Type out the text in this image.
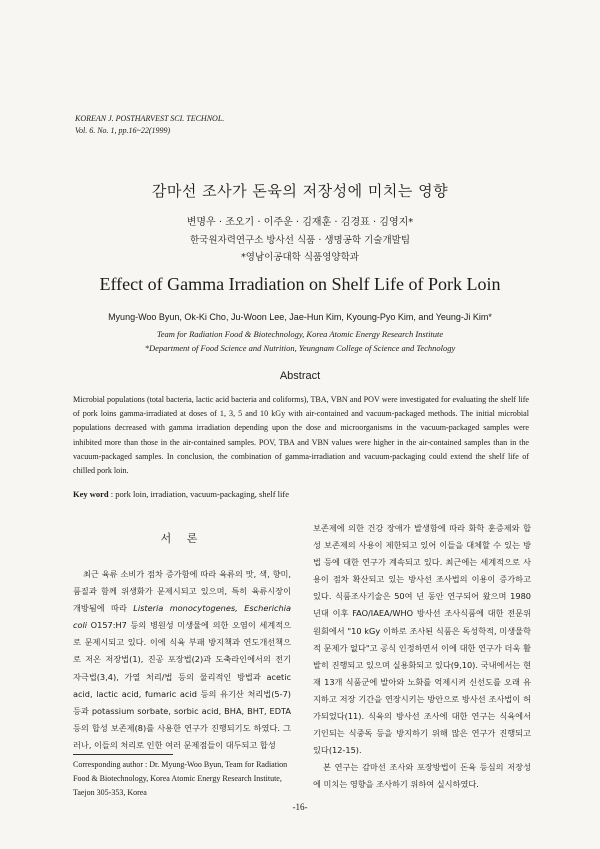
KOREAN J. POSTHARVEST SCI. TECHNOL.
Vol. 6. No. 1, pp.16~22(1999)
감마선 조사가 돈육의 저장성에 미치는 영향
변명우 · 조오기 · 이주운 · 김재훈 · 김경표 · 김영지*
한국원자력연구소 방사선 식품 · 생명공학 기술개발팀
*영남이공대학 식품영양학과
Effect of Gamma Irradiation on Shelf Life of Pork Loin
Myung-Woo Byun, Ok-Ki Cho, Ju-Woon Lee, Jae-Hun Kim, Kyoung-Pyo Kim, and Yeung-Ji Kim*
Team for Radiation Food & Biotechnology, Korea Atomic Energy Research Institute
*Department of Food Science and Nutrition, Yeungnam College of Science and Technology
Abstract
Microbial populations (total bacteria, lactic acid bacteria and coliforms), TBA, VBN and POV were investigated for evaluating the shelf life of pork loins gamma-irradiated at doses of 1, 3, 5 and 10 kGy with air-contained and vacuum-packaged methods. The initial microbial populations decreased with gamma irradiation depending upon the dose and microorganisms in the vacuum-packaged samples were inhibited more than those in the air-contained samples. POV, TBA and VBN values were higher in the air-contained samples than in the vacuum-packaged samples. In conclusion, the combination of gamma-irradiation and vacuum-packaging could extend the shelf life of chilled pork loin.
Key word : pork loin, irradiation, vacuum-packaging, shelf life
서 론

최근 육류 소비가 점차 증가함에 따라 육류의 맛, 색, 향미, 품질과 함께 위생화가 문제시되고 있으며, 특히 육류시장이 개방됨에 따라 Listeria monocytogenes, Escherichia coli O157:H7 등의 병원성 미생물에 의한 오염이 세계적으로 문제시되고 있다. 이에 식육 부패 방지책과 연도개선책으로 저온 저장법(1), 진공 포장법(2)과 도축라인에서의 전기 자극법(3,4), 가열 처리/법 등의 물리적인 방법과 acetic acid, lactic acid, fumaric acid 등의 유기산 처리법(5-7) 등과 potassium sorbate, sorbic acid, BHA, BHT, EDTA 등의 합성 보존제(8)를 사용한 연구가 진행되기도 하였다. 그러나, 이들의 처리로 인한 여러 문제점들이 대두되고 합성

Corresponding author : Dr. Myung-Woo Byun, Team for Radiation Food & Biotechnology, Korea Atomic Energy Research Institute, Taejon 305-353, Korea

보존제에 의한 건강 장애가 발생함에 따라 화학 훈증제와 합성 보존제의 사용이 제한되고 있어 이들을 대체할 수 있는 방법 등에 대한 연구가 계속되고 있다. 최근에는 세계적으로 사용이 점차 확산되고 있는 방사선 조사법의 이용이 증가하고 있다. 식품조사기술은 50여 년 동안 연구되어 왔으며 1980년대 이후 FAO/IAEA/WHO 방사선 조사식품에 대한 전문위원회에서 "10 kGy 이하로 조사된 식품은 독성학적, 미생물학적 문제가 없다"고 공식 인정하면서 이에 대한 연구가 더욱 활발히 진행되고 있으며 실용화되고 있다(9,10). 국내에서는 현재 13개 식품군에 발아와 노화를 억제시켜 신선도를 오래 유지하고 저장 기간을 연장시키는 방안으로 방사선 조사법이 허가되었다(11). 식육의 방사선 조사에 대한 연구는 식육에서 기인되는 식중독 등을 방지하기 위해 많은 연구가 진행되고 있다(12-15).

본 연구는 감마선 조사와 포장방법이 돈육 등심의 저장성에 미치는 영향을 조사하기 위하여 실시하였다.

-16-
